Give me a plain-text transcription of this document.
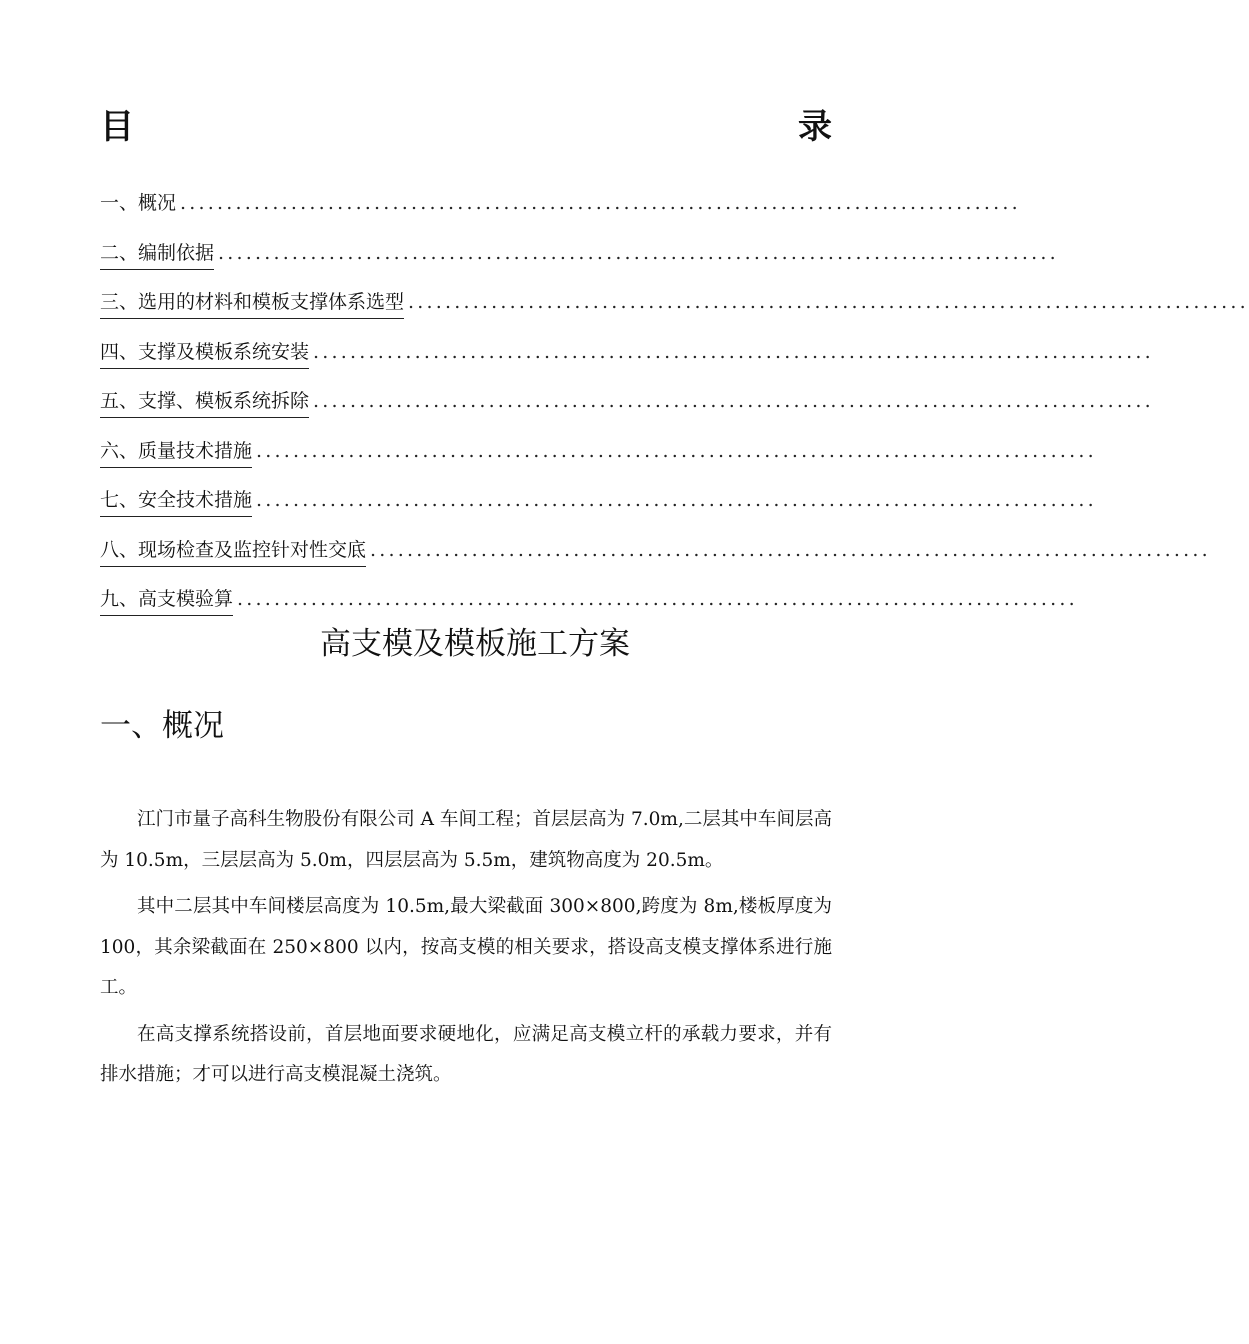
目	录
一、概况 ...........................................................................................
二、编制依据 ...........................................................................................
三、选用的材料和模板支撑体系选型 ...........................................................................................
四、支撑及模板系统安装 ...........................................................................................
五、支撑、模板系统拆除 ...........................................................................................
六、质量技术措施 ...........................................................................................
七、安全技术措施 ...........................................................................................
八、现场检查及监控针对性交底 ...........................................................................................
九、高支模验算 ...........................................................................................
高支模及模板施工方案
一、概况

江门市量子高科生物股份有限公司 A 车间工程；首层层高为 7.0m,二层其中车间层高为 10.5m，三层层高为 5.0m，四层层高为 5.5m，建筑物高度为 20.5m。

其中二层其中车间楼层高度为 10.5m,最大梁截面 300×800,跨度为 8m,楼板厚度为 100，其余梁截面在 250×800 以内，按高支模的相关要求，搭设高支模支撑体系进行施工。

在高支撑系统搭设前，首层地面要求硬地化，应满足高支模立杆的承载力要求，并有排水措施；才可以进行高支模混凝土浇筑。
